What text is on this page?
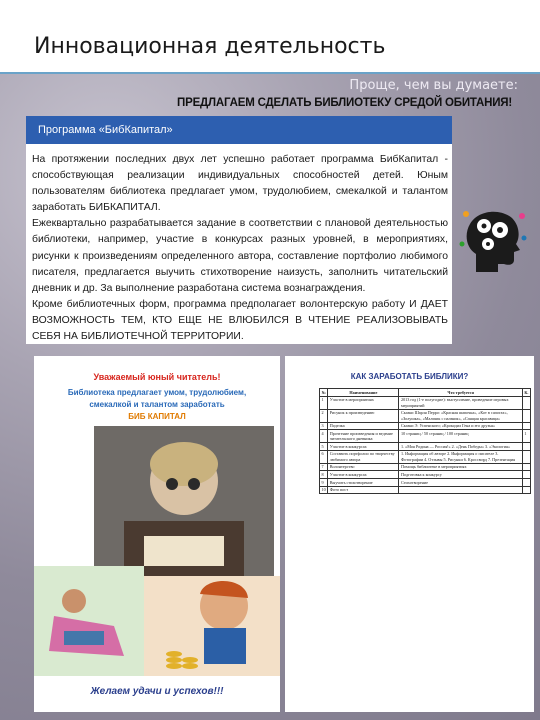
Инновационная деятельность
Проще, чем вы думаете:
ПРЕДЛАГАЕМ СДЕЛАТЬ БИБЛИОТЕКУ СРЕДОЙ ОБИТАНИЯ!
Программа «БибКапитал»

На протяжении последних двух лет успешно работает программа БибКапитал - способствующая реализации индивидуальных способностей детей. Юным пользователям библиотека предлагает умом, трудолюбием, смекалкой и талантом заработать БИБКАПИТАЛ.

Ежеквартально разрабатывается задание в соответствии с плановой деятельностью библиотеки, например, участие в конкурсах разных уровней, в мероприятиях, рисунки к произведениям определенного автора, составление портфолио любимого писателя, предлагается выучить стихотворение наизусть, заполнить читательский дневник и др. За выполнение разработана система вознаграждения.

Кроме библиотечных форм, программа предполагает волонтерскую работу И ДАЕТ ВОЗМОЖНОСТЬ ТЕМ, КТО ЕЩЕ НЕ ВЛЮБИЛСЯ В ЧТЕНИЕ РЕАЛИЗОВЫВАТЬ СЕБЯ НА БИБЛИОТЕЧНОЙ ТЕРРИТОРИИ.

Уважаемый юный читатель!
Библиотека предлагает умом, трудолюбием,
смекалкой и талантом заработать
БИБ КАПИТАЛ
Желаем удачи и успехов!!!
КАК ЗАРАБОТАТЬ БИБЛИКИ?
№	Наименование	Что требуется	К.
1	Участие в мероприятиях	2013 год (1-е полугодие): выступление, проведение игровых мероприятий	
2	Рисунок к произведению	Сказки Шарля Перро: «Красная шапочка», «Кот в сапогах», «Золушка», «Мальчик с пальчик», «Спящая красавица»	
3	Поделка	Сказки Э. Успенского; «Крокодил Гена и его друзья»	
4	Прочтение произведения и ведение читательского дневника	10 страниц / 50 страниц / 100 страниц	1
5	Участие в конкурсах	1. «Моя Родина — Россия!» 2. «День Победы» 3. «Экология»	
6	Составить портфолио по творчеству любимого автора	1. Информация об авторе 2. Информация о писателе 3. Фотографии 4. Отзывы 5. Рисунки 6. Кроссворд 7. Презентация	
7	Волонтерство	Помощь библиотеке в мероприятиях	
8	Участие в конкурсах	Подготовка к конкурсу	
9	Выучить стихотворение	Стихотворение	
10	Фото пост		
